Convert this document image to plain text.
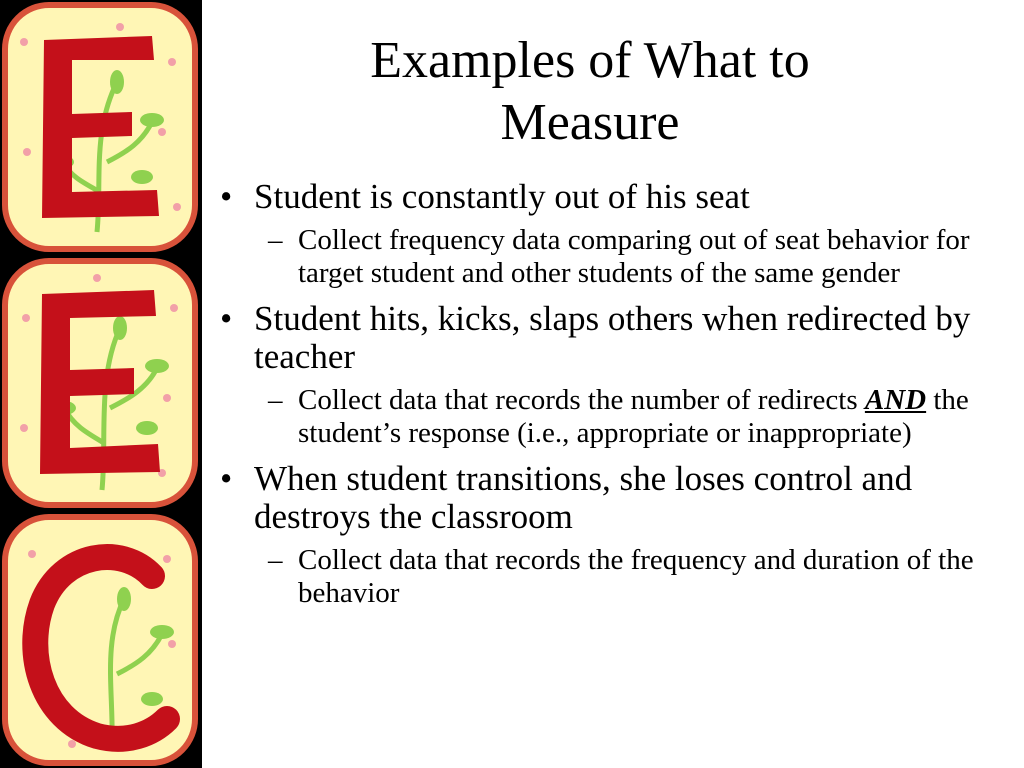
Examples of What to
Measure
• Student is constantly out of his seat
– Collect frequency data comparing out of seat behavior for target student and other students of the same gender
• Student hits, kicks, slaps others when redirected by teacher
– Collect data that records the number of redirects AND the student’s response (i.e., appropriate or inappropriate)
• When student transitions, she loses control and destroys the classroom
– Collect data that records the frequency and duration of the behavior
